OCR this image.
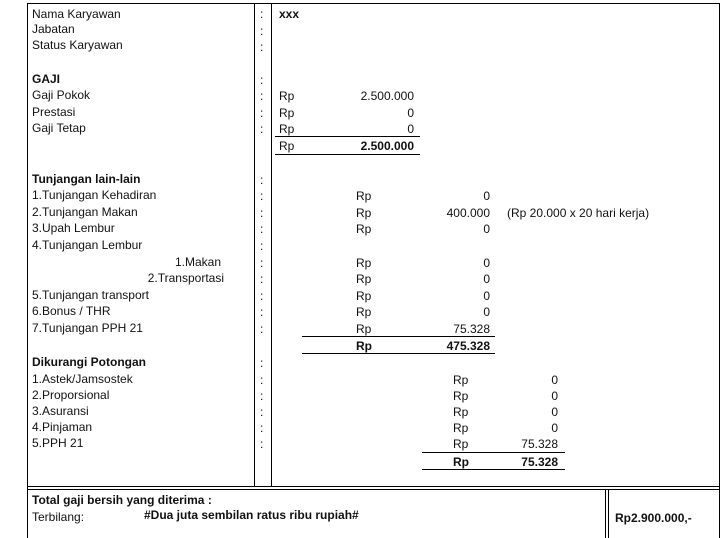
Nama Karyawan	: xxx
Jabatan	:
Status Karyawan	:
GAJI	:
Gaji Pokok	: Rp	2.500.000
Prestasi	: Rp	0
Gaji Tetap	: Rp	0
Rp	2.500.000
Tunjangan lain-lain	:
1.Tunjangan Kehadiran	:	Rp	0
2.Tunjangan Makan	:	Rp	400.000 (Rp 20.000 x 20 hari kerja)
3.Upah Lembur	:	Rp	0
4.Tunjangan Lembur	:
1.Makan	:	Rp	0
2.Transportasi	:	Rp	0
5.Tunjangan transport	:	Rp	0
6.Bonus / THR	:	Rp	0
7.Tunjangan PPH 21	:	Rp	75.328
Rp	475.328
Dikurangi Potongan	:
1.Astek/Jamsostek	:	Rp	0
2.Proporsional	:	Rp	0
3.Asuransi	:	Rp	0
4.Pinjaman	:	Rp	0
5.PPH 21	:	Rp	75.328
Rp	75.328
Total gaji bersih yang diterima :
Terbilang:	#Dua juta sembilan ratus ribu rupiah#	Rp2.900.000,-
